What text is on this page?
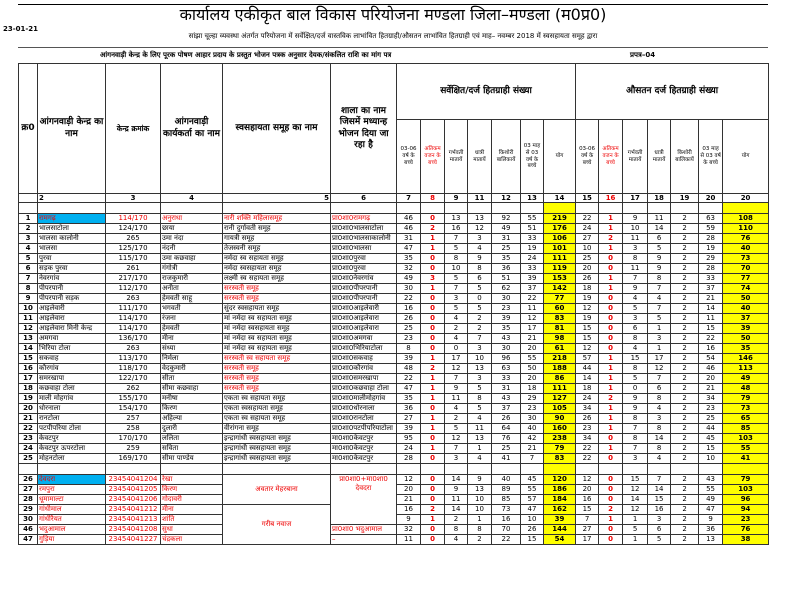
कार्यालय एकीकृत बाल विकास परियोजना मण्डला जिला–मण्डला (म0प्र0)
23-01-21
सांझा चूल्हा व्यवस्था अंतर्गत परियोजना में सर्वेक्षित/दर्ज वास्तविक लाभांवित हितग्राही/औसतन लाभांवित हितग्राही एवं माह– नवम्बर 2018 में स्वसहायता समूह द्वारा
आंगनवाड़ी केन्द्र के लिए पूरक पोषण आहार प्रदाय के प्रस्तुत भोजन पत्रक अनुसार देयक/संकलित राशि का मांग पत्र	प्रपत्र–04
क्र0	आंगनवाड़ी केन्द्र का नाम	केन्द्र क्रमांक	आंगनवाड़ी कार्यकर्ता का नाम	स्वसहायता समूह का नाम	शाला का नाम जिसमें मध्यान्ह भोजन दिया जा रहा है	सर्वेक्षित/दर्ज हितग्राही संख्या							औसतन दर्ज हितग्राही संख्या						
						03-06 वर्ष के बच्चे	अतिकम वजन के बच्चे	गर्भवती मातायें	धात्री मातायें	किशोरी बालिकायें	03 माह से 03 वर्ष के बच्चे	योग	03-06 वर्ष के बच्चे	अतिकम वजन के बच्चे	गर्भवती मातायें	धात्री मातायें	किशोरी बालिकायें	03 माह से 03 वर्ष के बच्चे	योग
	2	3	4	5	6	7	8	9	11	12	13	14	15	16	17	18	19	20	20

1	रामगढ़	114/170	अनुराधा	नारी शक्ति महिलासमूह	प्रा0शा0रामगढ़	46	0	13	13	92	55	219	22	1	9	11	2	63	108
2	भालसाटोला	124/170	छाया	रानी दुर्गावती समूह	प्रा0शा0भालसाटोला	46	2	16	12	49	51	176	24	1	10	14	2	59	110
3	भालसा कालोनी	265	उमा नंदा	गायत्री समूह	प्रा0शा0भालसाकालोनी	31	1	7	3	31	33	106	27	2	11	6	2	28	76
4	भालसा	125/170	नंदनी	तेजस्वनी समूह	प्रा0शा0भालसा	47	1	5	4	25	19	101	10	1	3	5	2	19	40
5	पुरवा	115/170	उमा कछवाहा	नर्मदा स्व सहायता समूह	प्रा0शा0पुरवा	35	0	8	9	35	24	111	25	0	8	9	2	29	73
6	सड़क पुरवा	261	गंगोत्री	नर्मदा स्वसहायता समूह	प्रा0शा0पुरवा	32	0	10	8	36	33	119	20	0	11	9	2	28	70
7	नेवरगांव	217/170	राजकुमारी	लक्ष्मी स्व सहायता समूह	प्रा0शा0नेवरगांव	49	3	5	6	51	39	153	26	1	7	8	2	33	77
8	पीपरपानी	112/170	अनीता	सरस्वती समूह	प्रा0शा0पीपरपानी	30	1	7	5	62	37	142	18	1	9	7	2	37	74
9	पीपरपानी सड़क	263	हेमवती साहू	सरस्वती समूह	प्रा0शा0पीपरपानी	22	0	3	0	30	22	77	19	0	4	4	2	21	50
10	आइलेवारी	111/170	भगवती	सुंदर स्वसहायता समूह	प्रा0शा0आइलेवारी	16	0	5	5	23	11	60	12	0	5	7	2	14	40
11	आइलेवारा	114/170	रंजना	मां नर्मदा स्व सहायता समूह	प्रा0शा0आइलेवारा	26	0	4	2	39	12	83	19	0	3	5	2	11	37
12	आइलेवारा मिनी केन्द्र	114/170	हेमवती	मां नर्मदा स्वसहायता समूह	प्रा0शा0आइलेवारा	25	0	2	2	35	17	81	15	0	6	1	2	15	39
13	अमगवा	136/170	मीना	मां नर्मदा स्व सहायता समूह	प्रा0शा0अमगवा	23	0	4	7	43	21	98	15	0	8	3	2	22	50
14	भिरिया टोला	263	संध्या	मां नर्मदा स्व सहायता समूह	प्रा0शा0भिरियाटोला	8	0	0	3	30	20	61	12	0	4	1	2	16	35
15	सकवाह	113/170	निर्मला	सरस्वती स्व सहायता समूह	प्रा0शा0सकवाह	39	1	17	10	96	55	218	57	1	15	17	2	54	146
16	कौरगांव	118/170	वेदकुमारी	सरस्वती समूह	प्रा0शा0कौरगांव	48	2	12	13	63	50	188	44	1	8	12	2	46	113
17	समरखापा	122/170	सीता	सरस्वती समूह	प्रा0शा0समरखापा	22	1	7	3	33	20	86	14	1	5	7	2	20	49
18	कछवाहा टोला	262	सीमा कछवाहा	सरस्वती समूह	प्रा0शा0कछवाहा टोला	47	1	9	5	31	18	111	18	1	0	6	2	21	48
19	माली मोहगांव	155/170	मनीषा	एकता स्व सहायता समूह	प्रा0शा0मालीमोहगांव	35	1	11	8	43	29	127	24	2	9	8	2	34	79
20	धोरनाला	154/170	किरण	एकता स्वसहायता समूह	प्रा0शा0धोरनाला	36	0	4	5	37	23	105	34	1	9	4	2	23	73
21	रानटोला	257	अहिल्या	एकता स्व सहायता समूह	प्रा0शा0रानटोला	27	1	2	4	26	30	90	26	1	8	3	2	25	65
22	पटपीपरिया टोला	258	दुलारी	वीरांगना समूह	प्रा0शा0पटपीपरियाटोला	39	1	5	11	64	40	160	23	1	7	8	2	44	85
23	केवटपुर	170/170	ललिता	इन्द्रागांधी स्वसहायता समूह	मा0शा0केवटपुर	95	0	12	13	76	42	238	34	0	8	14	2	45	103
24	केवटपुर ऊपरटोला	259	सविता	इन्द्रागांधी स्वसहायता समूह	मा0शा0केवटपुर	24	1	7	1	25	21	79	22	1	7	8	2	15	55
25	मोहनटोला	169/170	सीमा पाण्डेय	इन्द्रागांधी स्वसहायता समूह	मा0शा0केवटपुर	28	0	3	4	41	7	83	22	0	3	4	2	10	41

26	देवदरा	23454041204	रेखा	अवतार मेहरबाना	प्रा0शा0+मा0शा0 देवदरा	12	0	14	9	40	45	120	12	0	15	7	2	43	79
27	रमपुरा	23454041205	किरण			20	0	9	13	89	55	186	20	0	12	14	2	55	103
28	धूमामाल्टा	23454041206	गोदावरी			21	0	11	10	85	57	184	16	0	14	15	2	49	96
29	गांधीमाल	23454041212	मीना	गरीब नवाज		16	2	14	10	73	47	162	15	2	12	16	2	47	94
30	गांधीरैयत	23454041213	शांति			9	1	2	1	16	10	39	7	1	1	3	2	9	23
46	भदुआमाल	23454041208	सुधा		प्रा0शा0 भदुआमाल	32	0	8	8	70	26	144	27	0	5	6	2	36	76
47	गुड़िया	23454041227	चंद्रकला		–	11	0	4	2	22	15	54	17	0	1	5	2	13	38
